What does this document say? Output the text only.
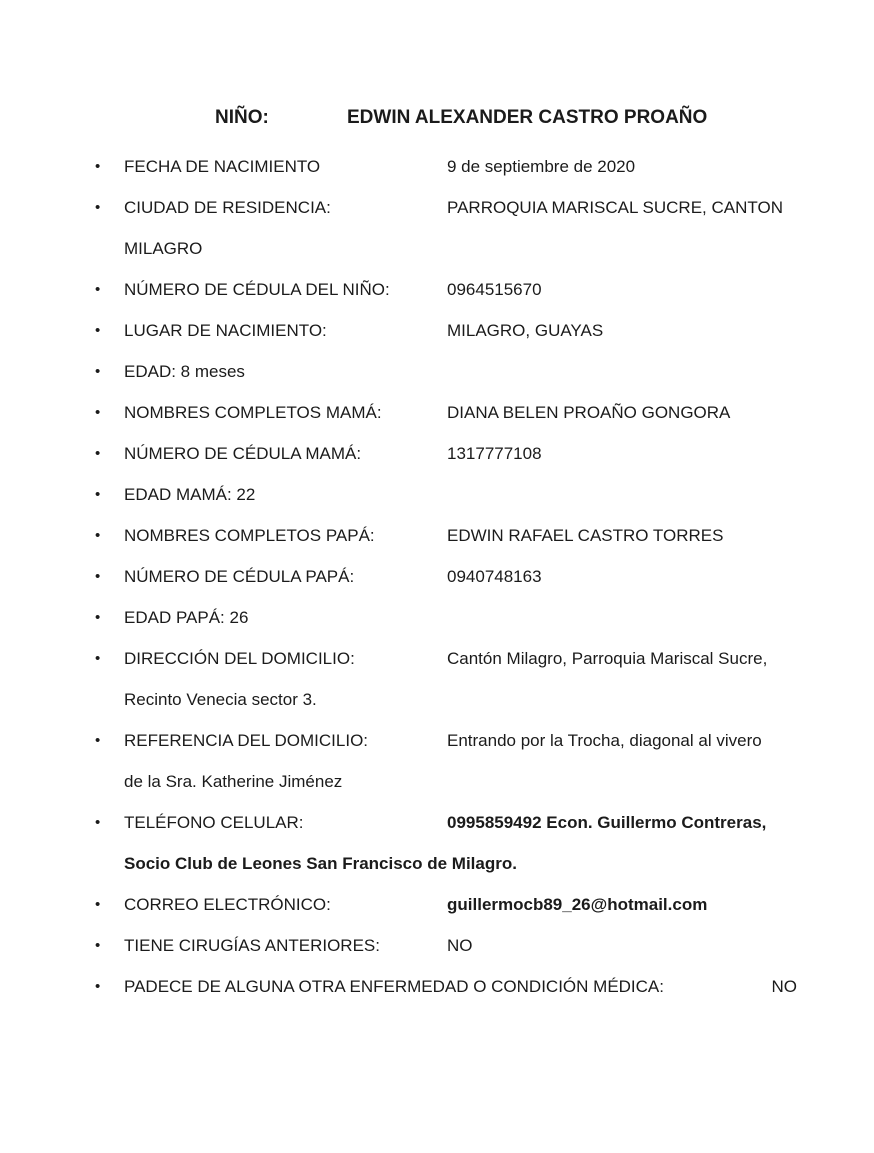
NIÑO:	EDWIN ALEXANDER CASTRO PROAÑO
•	FECHA DE NACIMIENTO	9 de septiembre de 2020
•	CIUDAD DE RESIDENCIA:	PARROQUIA MARISCAL SUCRE, CANTON
MILAGRO
•	NÚMERO DE CÉDULA DEL NIÑO:	0964515670
•	LUGAR DE NACIMIENTO:	MILAGRO, GUAYAS
•	EDAD: 8 meses
•	NOMBRES COMPLETOS MAMÁ:	DIANA BELEN PROAÑO GONGORA
•	NÚMERO DE CÉDULA MAMÁ:	1317777108
•	EDAD MAMÁ: 22
•	NOMBRES COMPLETOS PAPÁ:	EDWIN RAFAEL CASTRO TORRES
•	NÚMERO DE CÉDULA PAPÁ:	0940748163
•	EDAD PAPÁ: 26
•	DIRECCIÓN DEL DOMICILIO:	Cantón Milagro, Parroquia Mariscal Sucre,
Recinto Venecia sector 3.
•	REFERENCIA DEL DOMICILIO:	Entrando por la Trocha, diagonal al vivero
de la Sra. Katherine Jiménez
•	TELÉFONO CELULAR:	0995859492 Econ. Guillermo Contreras,
Socio Club de Leones San Francisco de Milagro.
•	CORREO ELECTRÓNICO:	guillermocb89_26@hotmail.com
•	TIENE CIRUGÍAS ANTERIORES:	NO
•	PADECE DE ALGUNA OTRA ENFERMEDAD O CONDICIÓN MÉDICA:	NO
